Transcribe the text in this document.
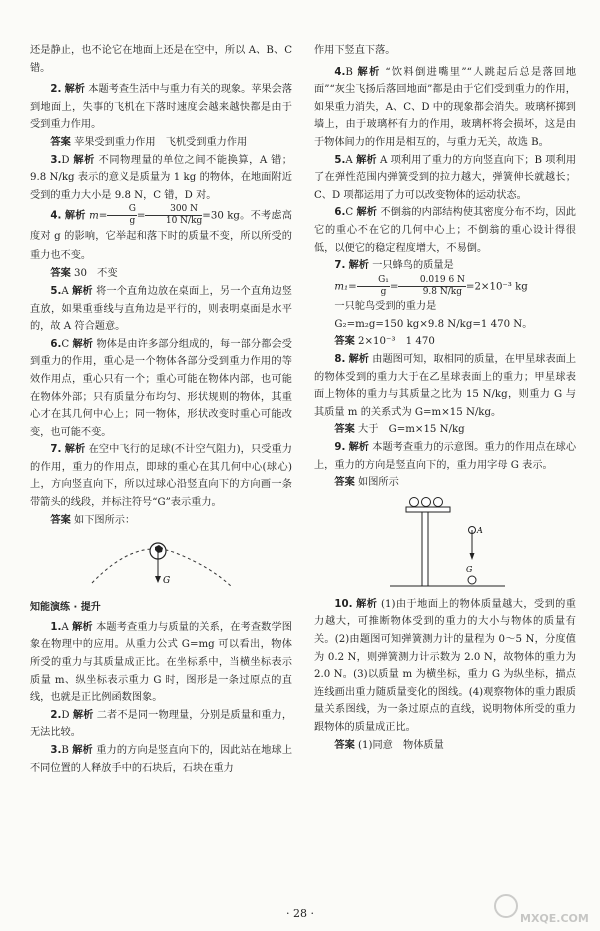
还是静止，也不论它在地面上还是在空中，所以 A、B、C 错。

2. 解析 本题考查生活中与重力有关的现象。苹果会落到地面上，失事的飞机在下落时速度会越来越快都是由于受到重力作用。

答案 苹果受到重力作用　飞机受到重力作用

3.D 解析 不同物理量的单位之间不能换算，A 错；9.8 N/kg 表示的意义是质量为 1 kg 的物体，在地面附近受到的重力大小是 9.8 N，C 错，D 对。

4. 解析 $m= \frac{G}{g} = \frac{300 N}{10 N/kg} =30$ kg。不考虑高度对 g 的影响，它举起和落下时的质量不变，所以所受的重力也不变。

答案 30　不变

5.A 解析 将一个直角边放在桌面上，另一个直角边竖直放，如果重垂线与直角边是平行的，则表明桌面是水平的，故 A 符合题意。

6.C 解析 物体是由许多部分组成的，每一部分都会受到重力的作用，重心是一个物体各部分受到重力作用的等效作用点，重心只有一个；重心可能在物体内部，也可能在物体外部；只有质量分布均匀、形状规则的物体，其重心才在其几何中心上；同一物体，形状改变时重心可能改变，也可能不变。

7. 解析 在空中飞行的足球(不计空气阻力)，只受重力的作用，重力的作用点，即球的重心在其几何中心(球心)上，方向竖直向下，所以过球心沿竖直向下的方向画一条带箭头的线段，并标注符号“G”表示重力。

答案 如下图所示：

G
知能演练 · 提升

1.A 解析 本题考查重力与质量的关系，在考查数学图象在物理中的应用。从重力公式 G=mg 可以看出，物体所受的重力与其质量成正比。在坐标系中，当横坐标表示质量 m、纵坐标表示重力 G 时，图形是一条过原点的直线，也就是正比例函数图象。

2.D 解析 二者不是同一物理量，分别是质量和重力，无法比较。

3.B 解析 重力的方向是竖直向下的，因此站在地球上不同位置的人释放手中的石块后，石块在重力

作用下竖直下落。

4.B 解析 “饮料倒进嘴里”“人跳起后总是落回地面”“灰尘飞扬后落回地面”都是由于它们受到重力的作用，如果重力消失，A、C、D 中的现象都会消失。玻璃杯掷到墙上，由于玻璃杯有力的作用，玻璃杯将会损坏，这是由于物体间力的作用是相互的，与重力无关，故选 B。

5.A 解析 A 项利用了重力的方向竖直向下；B 项利用了在弹性范围内弹簧受到的拉力越大，弹簧伸长就越长；C、D 项都运用了力可以改变物体的运动状态。

6.C 解析 不倒翁的内部结构使其密度分布不均，因此它的重心不在它的几何中心上；不倒翁的重心设计得很低，以便它的稳定程度增大，不易倒。

7. 解析 一只蜂鸟的质量是

$m_1= \frac{\text{G₁}}{g} = \frac{0.019 6 N}{9.8 N/kg} =2\times 10^{-3}$ kg

一只鸵鸟受到的重力是

G₂=m₂g=150 kg×9.8 N/kg=1 470 N。

答案 2×10⁻³　1 470

8. 解析 由题图可知，取相同的质量，在甲星球表面上的物体受到的重力大于在乙星球表面上的重力；甲星球表面上物体的重力与其质量之比为 15 N/kg，则重力 G 与其质量 m 的关系式为 G=m×15 N/kg。

答案 大于　G=m×15 N/kg

9. 解析 本题考查重力的示意图。重力的作用点在球心上，重力的方向是竖直向下的，重力用字母 G 表示。

答案 如图所示

A
G

10. 解析 (1)由于地面上的物体质量越大，受到的重力越大，可推断物体受到的重力的大小与物体的质量有关。(2)由题图可知弹簧测力计的量程为 0～5 N，分度值为 0.2 N，则弹簧测力计示数为 2.0 N，故物体的重力为 2.0 N。(3)以质量 m 为横坐标，重力 G 为纵坐标，描点连线画出重力随质量变化的图线。(4)观察物体的重力跟质量关系图线，为一条过原点的直线，说明物体所受的重力跟物体的质量成正比。

答案 (1)同意　物体质量

· 28 ·	MXQE.COM
